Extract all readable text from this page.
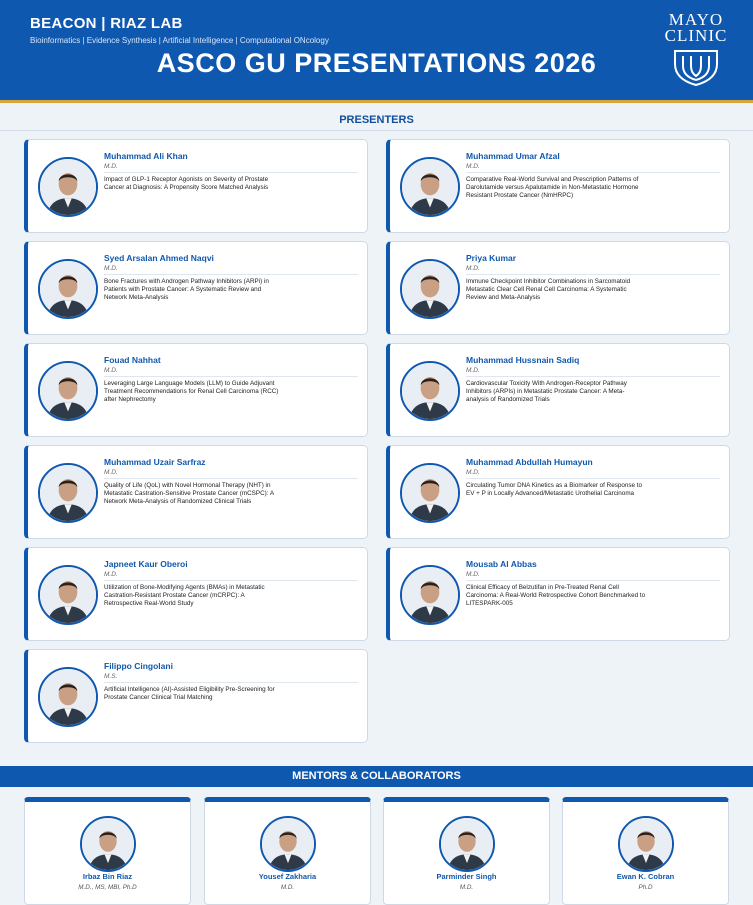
BEACON | RIAZ LAB
Bioinformatics | Evidence Synthesis | Artificial Intelligence | Computational ONcology
ASCO GU PRESENTATIONS 2026
MAYO
CLINIC
PRESENTERS
Muhammad Ali Khan
M.D.
Impact of GLP-1 Receptor Agonists on Severity of Prostate Cancer at Diagnosis: A Propensity Score Matched Analysis
Muhammad Umar Afzal
M.D.
Comparative Real-World Survival and Prescription Patterns of Darolutamide versus Apalutamide in Non-Metastatic Hormone Resistant Prostate Cancer (NmHRPC)
Syed Arsalan Ahmed Naqvi
M.D.
Bone Fractures with Androgen Pathway Inhibitors (ARPi) in Patients with Prostate Cancer: A Systematic Review and Network Meta-Analysis
Priya Kumar
M.D.
Immune Checkpoint Inhibitor Combinations in Sarcomatoid Metastatic Clear Cell Renal Cell Carcinoma: A Systematic Review and Meta-Analysis
Fouad Nahhat
M.D.
Leveraging Large Language Models (LLM) to Guide Adjuvant Treatment Recommendations for Renal Cell Carcinoma (RCC) after Nephrectomy
Muhammad Hussnain Sadiq
M.D.
Cardiovascular Toxicity With Androgen-Receptor Pathway Inhibitors (ARPIs) in Metastatic Prostate Cancer: A Meta-analysis of Randomized Trials
Muhammad Uzair Sarfraz
M.D.
Quality of Life (QoL) with Novel Hormonal Therapy (NHT) in Metastatic Castration-Sensitive Prostate Cancer (mCSPC): A Network Meta-Analysis of Randomized Clinical Trials
Muhammad Abdullah Humayun
M.D.
Circulating Tumor DNA Kinetics as a Biomarker of Response to EV + P in Locally Advanced/Metastatic Urothelial Carcinoma
Japneet Kaur Oberoi
M.D.
Utilization of Bone-Modifying Agents (BMAs) in Metastatic Castration-Resistant Prostate Cancer (mCRPC): A Retrospective Real-World Study
Mousab Al Abbas
M.D.
Clinical Efficacy of Belzutifan in Pre-Treated Renal Cell Carcinoma: A Real-World Retrospective Cohort Benchmarked to LITESPARK-005
Filippo Cingolani
M.S.
Artificial Intelligence (AI)-Assisted Eligibility Pre-Screening for Prostate Cancer Clinical Trial Matching
MENTORS & COLLABORATORS
Irbaz Bin Riaz
M.D., MS, MBI, Ph.D
Yousef Zakharia
M.D.
Parminder Singh
M.D.
Ewan K. Cobran
Ph.D
